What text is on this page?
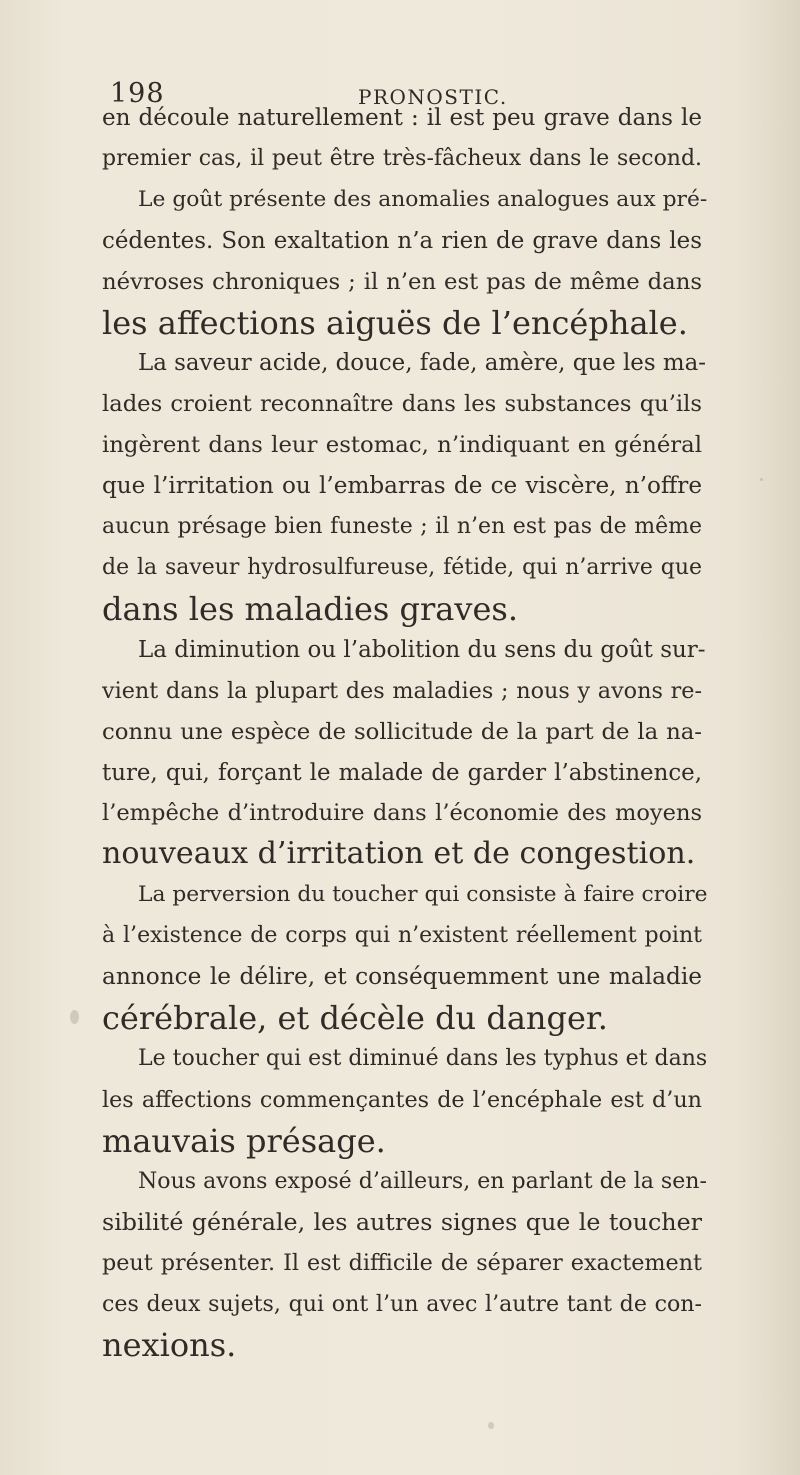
198	PRONOSTIC.
en découle naturellement : il est peu grave dans le
premier cas, il peut être très-fâcheux dans le second.
Le goût présente des anomalies analogues aux pré-
cédentes. Son exaltation n’a rien de grave dans les
névroses chroniques ; il n’en est pas de même dans
les affections aiguës de l’encéphale.
La saveur acide, douce, fade, amère, que les ma-
lades croient reconnaître dans les substances qu’ils
ingèrent dans leur estomac, n’indiquant en général
que l’irritation ou l’embarras de ce viscère, n’offre
aucun présage bien funeste ; il n’en est pas de même
de la saveur hydrosulfureuse, fétide, qui n’arrive que
dans les maladies graves.
La diminution ou l’abolition du sens du goût sur-
vient dans la plupart des maladies ; nous y avons re-
connu une espèce de sollicitude de la part de la na-
ture, qui, forçant le malade de garder l’abstinence,
l’empêche d’introduire dans l’économie des moyens
nouveaux d’irritation et de congestion.
La perversion du toucher qui consiste à faire croire
à l’existence de corps qui n’existent réellement point
annonce le délire, et conséquemment une maladie
cérébrale, et décèle du danger.
Le toucher qui est diminué dans les typhus et dans
les affections commençantes de l’encéphale est d’un
mauvais présage.
Nous avons exposé d’ailleurs, en parlant de la sen-
sibilité générale, les autres signes que le toucher
peut présenter. Il est difficile de séparer exactement
ces deux sujets, qui ont l’un avec l’autre tant de con-
nexions.
